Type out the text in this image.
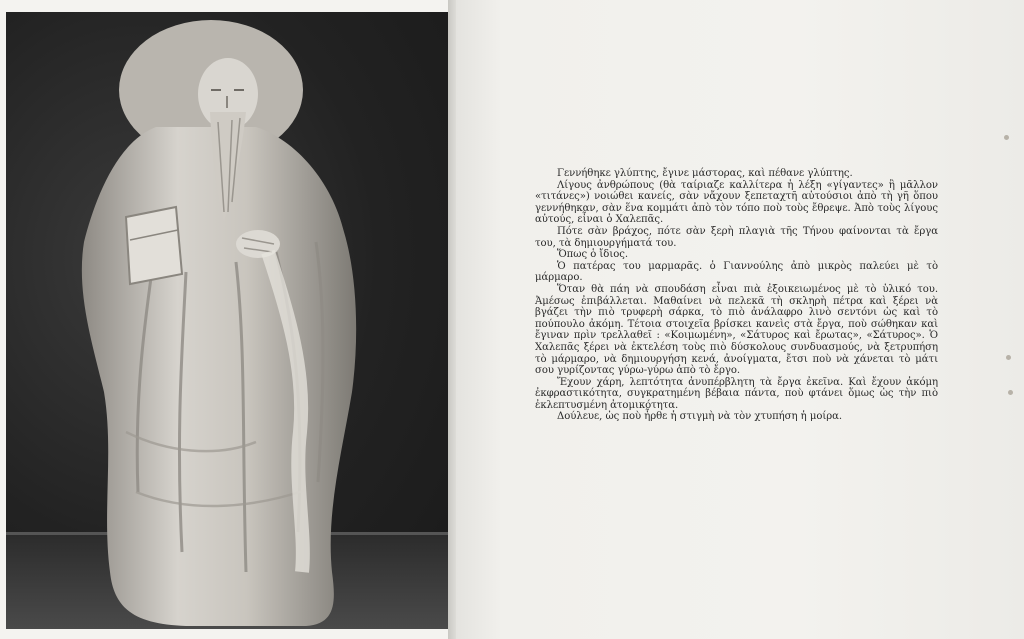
Γεννήθηκε γλύπτης, ἔγινε μάστορας, καὶ πέθανε γλύπτης.

Λίγους ἀνθρώπους (θὰ ταίριαζε καλλίτερα ἡ λέξη «γίγαντες» ἢ μᾶλλον «τιτάνες») νοιώθει κανείς, σὰν νἄχουν ξεπεταχτῆ αὐτούσιοι ἀπὸ τὴ γῆ ὅπου γεννήθηκαν, σὰν ἕνα κομμάτι ἀπὸ τὸν τόπο ποὺ τοὺς ἔθρεψε. Ἀπὸ τοὺς λίγους αὐτούς, εἶναι ὁ Χαλεπᾶς.

Πότε σὰν βράχος, πότε σὰν ξερὴ πλαγιὰ τῆς Τήνου φαίνονται τὰ ἔργα του, τὰ δημιουργήματά του.

Ὅπως ὁ ἴδιος.

Ὁ πατέρας του μαρμαρᾶς. ὁ Γιαννούλης ἀπὸ μικρὸς παλεύει μὲ τὸ μάρμαρο.

Ὅταν θὰ πάη νὰ σπουδάση εἶναι πιὰ ἐξοικειωμένος μὲ τὸ ὑλικό του. Ἀμέσως ἐπιβάλλεται. Μαθαίνει νὰ πελεκᾶ τὴ σκληρὴ πέτρα καὶ ξέρει νὰ βγάζει τὴν πιὸ τρυφερὴ σάρκα, τὸ πιὸ ἀνάλαφρο λινὸ σεντόνι ὡς καὶ τὸ πούπουλο ἀκόμη. Τέτοια στοιχεῖα βρίσκει κανεὶς στὰ ἔργα, ποὺ σώθηκαν καὶ ἔγιναν πρὶν τρελλαθεῖ : «Κοιμωμένη», «Σάτυρος καὶ ἔρωτας», «Σάτυρος». Ὁ Χαλεπᾶς ξέρει νὰ ἐκτελέση τοὺς πιὸ δύσκολους συνδυασμούς, νὰ ξετρυπήση τὸ μάρμαρο, νὰ δημιουργήση κενά, ἀνοίγματα, ἔτσι ποὺ νὰ χάνεται τὸ μάτι σου γυρίζοντας γύρω-γύρω ἀπὸ τὸ ἔργο.

Ἔχουν χάρη, λεπτότητα ἀνυπέρβλητη τὰ ἔργα ἐκεῖνα. Καὶ ἔχουν ἀκόμη ἐκφραστικότητα, συγκρατημένη βέβαια πάντα, ποὺ φτάνει ὅμως ὡς τὴν πιὸ ἐκλεπτυσμένη ἀτομικότητα.

Δούλευε, ὡς ποὺ ἦρθε ἡ στιγμὴ νὰ τὸν χτυπήση ἡ μοίρα.
